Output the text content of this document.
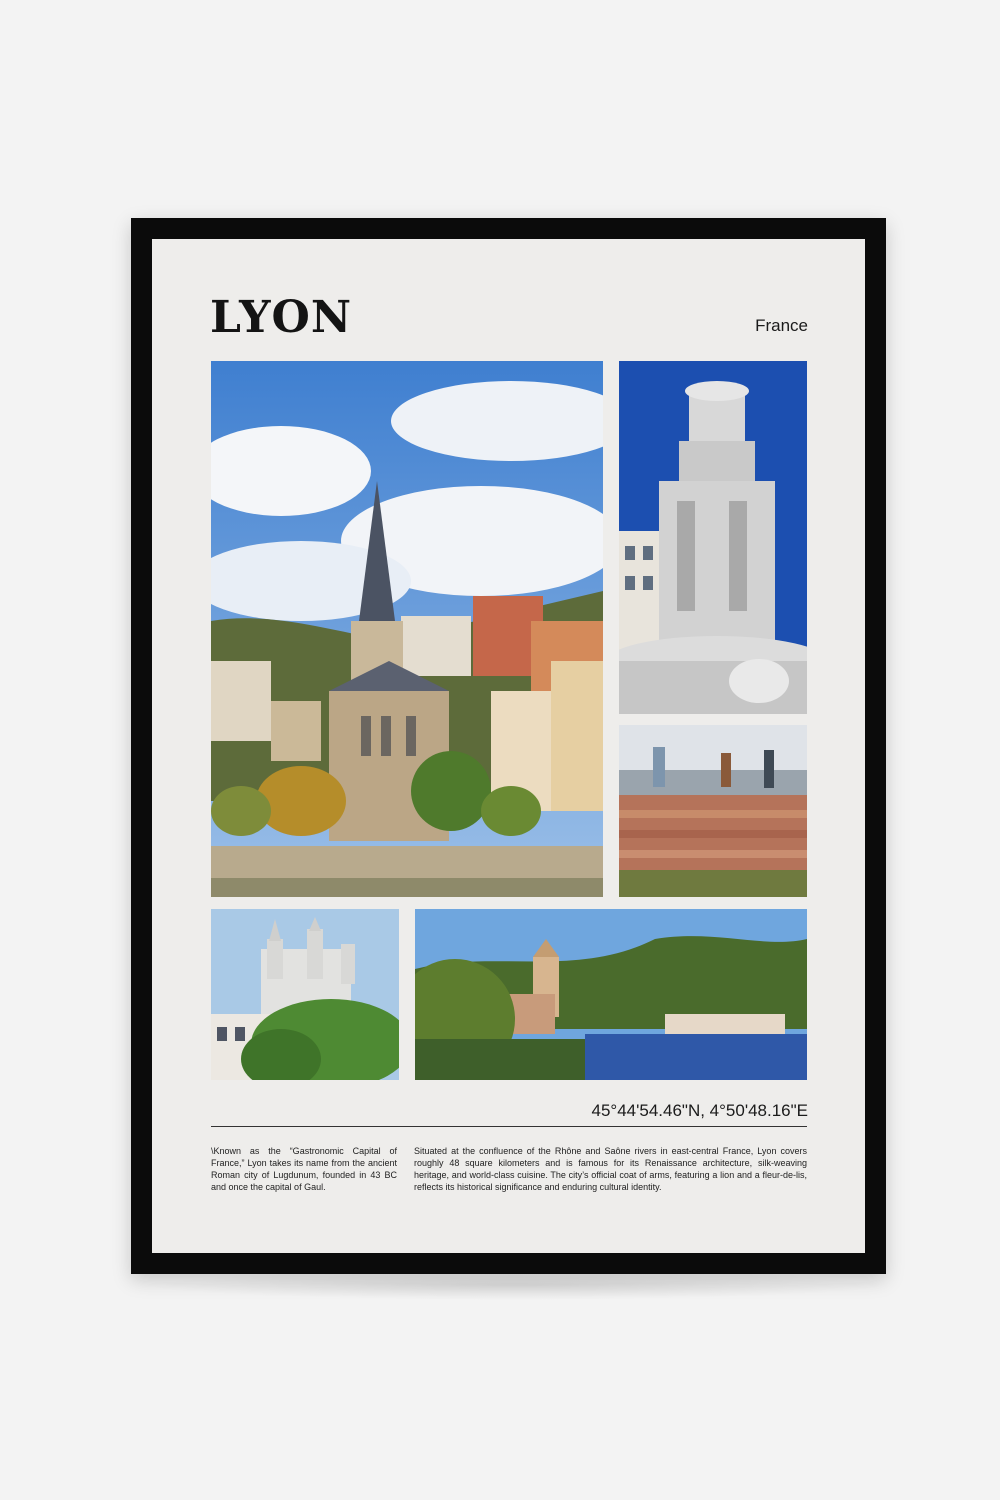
LYON	France
45°44'54.46"N, 4°50'48.16"E

\Known as the “Gastronomic Capital of France,” Lyon takes its name from the ancient Roman city of Lugdunum, founded in 43 BC and once the capital of Gaul.

Situated at the confluence of the Rhône and Saône rivers in east-central France, Lyon covers roughly 48 square kilometers and is famous for its Renaissance architecture, silk-weaving heritage, and world-class cuisine. The city’s official coat of arms, featuring a lion and a fleur-de-lis, reflects its historical significance and enduring cultural identity.
